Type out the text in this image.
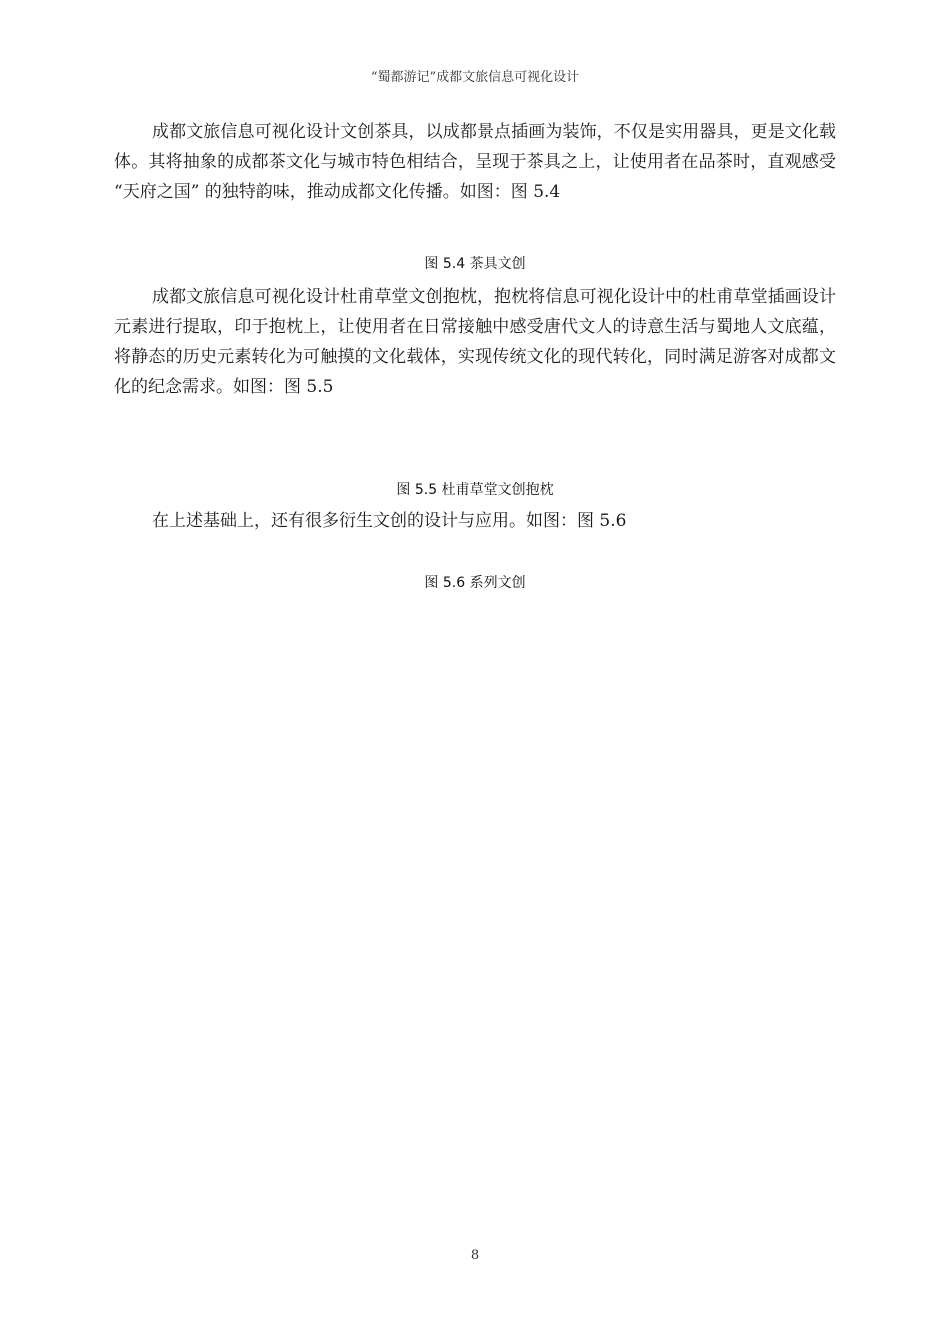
“蜀都游记”成都文旅信息可视化设计

成都文旅信息可视化设计文创茶具，以成都景点插画为装饰，不仅是实用器具，更是文化载体。其将抽象的成都茶文化与城市特色相结合，呈现于茶具之上，让使用者在品茶时，直观感受 “天府之国” 的独特韵味，推动成都文化传播。如图：图 5.4

图 5.4 茶具文创

成都文旅信息可视化设计杜甫草堂文创抱枕，抱枕将信息可视化设计中的杜甫草堂插画设计元素进行提取，印于抱枕上，让使用者在日常接触中感受唐代文人的诗意生活与蜀地人文底蕴，将静态的历史元素转化为可触摸的文化载体，实现传统文化的现代转化，同时满足游客对成都文化的纪念需求。如图：图 5.5

图 5.5 杜甫草堂文创抱枕

在上述基础上，还有很多衍生文创的设计与应用。如图：图 5.6

图 5.6 系列文创
8
